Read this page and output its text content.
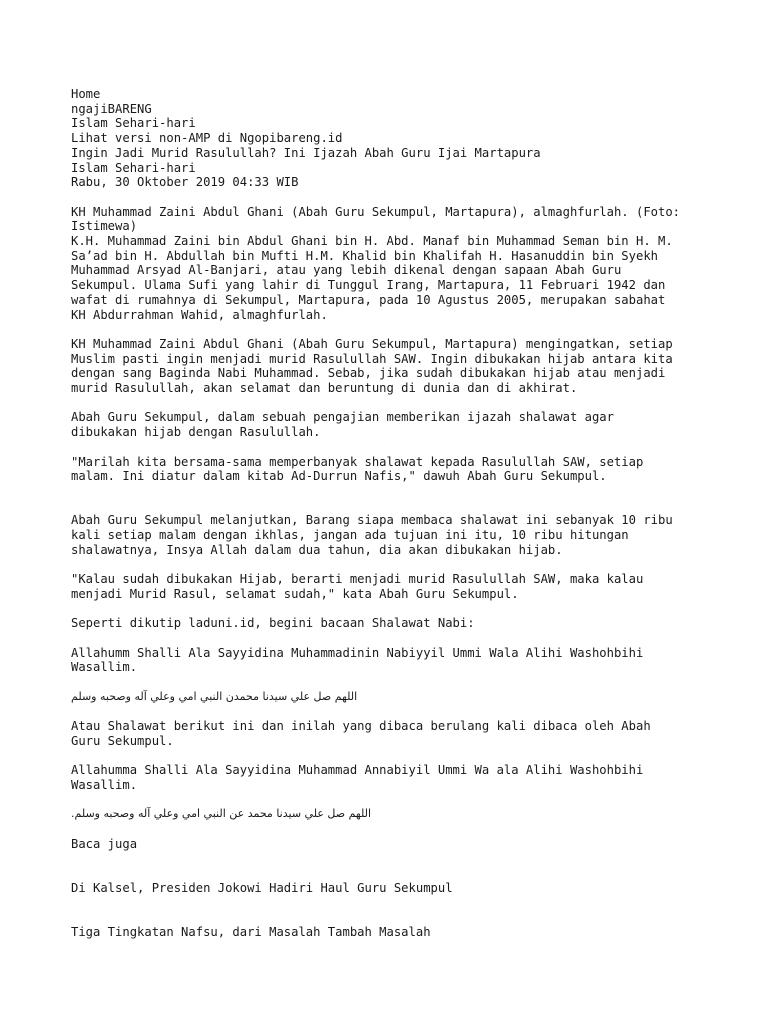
Home
ngajiBARENG
Islam Sehari-hari
Lihat versi non-AMP di Ngopibareng.id
Ingin Jadi Murid Rasulullah? Ini Ijazah Abah Guru Ijai Martapura
Islam Sehari-hari
Rabu, 30 Oktober 2019 04:33 WIB
KH Muhammad Zaini Abdul Ghani (Abah Guru Sekumpul, Martapura), almaghfurlah. (Foto:
Istimewa)
K.H. Muhammad Zaini bin Abdul Ghani bin H. Abd. Manaf bin Muhammad Seman bin H. M.
Sa’ad bin H. Abdullah bin Mufti H.M. Khalid bin Khalifah H. Hasanuddin bin Syekh
Muhammad Arsyad Al-Banjari, atau yang lebih dikenal dengan sapaan Abah Guru
Sekumpul. Ulama Sufi yang lahir di Tunggul Irang, Martapura, 11 Februari 1942 dan
wafat di rumahnya di Sekumpul, Martapura, pada 10 Agustus 2005, merupakan sabahat
KH Abdurrahman Wahid, almaghfurlah.
KH Muhammad Zaini Abdul Ghani (Abah Guru Sekumpul, Martapura) mengingatkan, setiap
Muslim pasti ingin menjadi murid Rasulullah SAW. Ingin dibukakan hijab antara kita
dengan sang Baginda Nabi Muhammad. Sebab, jika sudah dibukakan hijab atau menjadi
murid Rasulullah, akan selamat dan beruntung di dunia dan di akhirat.
Abah Guru Sekumpul, dalam sebuah pengajian memberikan ijazah shalawat agar
dibukakan hijab dengan Rasulullah.
"Marilah kita bersama-sama memperbanyak shalawat kepada Rasulullah SAW, setiap
malam. Ini diatur dalam kitab Ad-Durrun Nafis," dawuh Abah Guru Sekumpul.
Abah Guru Sekumpul melanjutkan, Barang siapa membaca shalawat ini sebanyak 10 ribu
kali setiap malam dengan ikhlas, jangan ada tujuan ini itu, 10 ribu hitungan
shalawatnya, Insya Allah dalam dua tahun, dia akan dibukakan hijab.
"Kalau sudah dibukakan Hijab, berarti menjadi murid Rasulullah SAW, maka kalau
menjadi Murid Rasul, selamat sudah," kata Abah Guru Sekumpul.
Seperti dikutip laduni.id, begini bacaan Shalawat Nabi:
Allahumm Shalli Ala Sayyidina Muhammadinin Nabiyyil Ummi Wala Alihi Washohbihi
Wasallim.
اللهم صل علي سيدنا محمدن النبي امي وعلي آله وصحبه وسلم
Atau Shalawat berikut ini dan inilah yang dibaca berulang kali dibaca oleh Abah
Guru Sekumpul.
Allahumma Shalli Ala Sayyidina Muhammad Annabiyil Ummi Wa ala Alihi Washohbihi
Wasallim.
اللهم صل علي سيدنا محمد عن النبي امي وعلي آله وصحبه وسلم.
Baca juga
Di Kalsel, Presiden Jokowi Hadiri Haul Guru Sekumpul
Tiga Tingkatan Nafsu, dari Masalah Tambah Masalah
